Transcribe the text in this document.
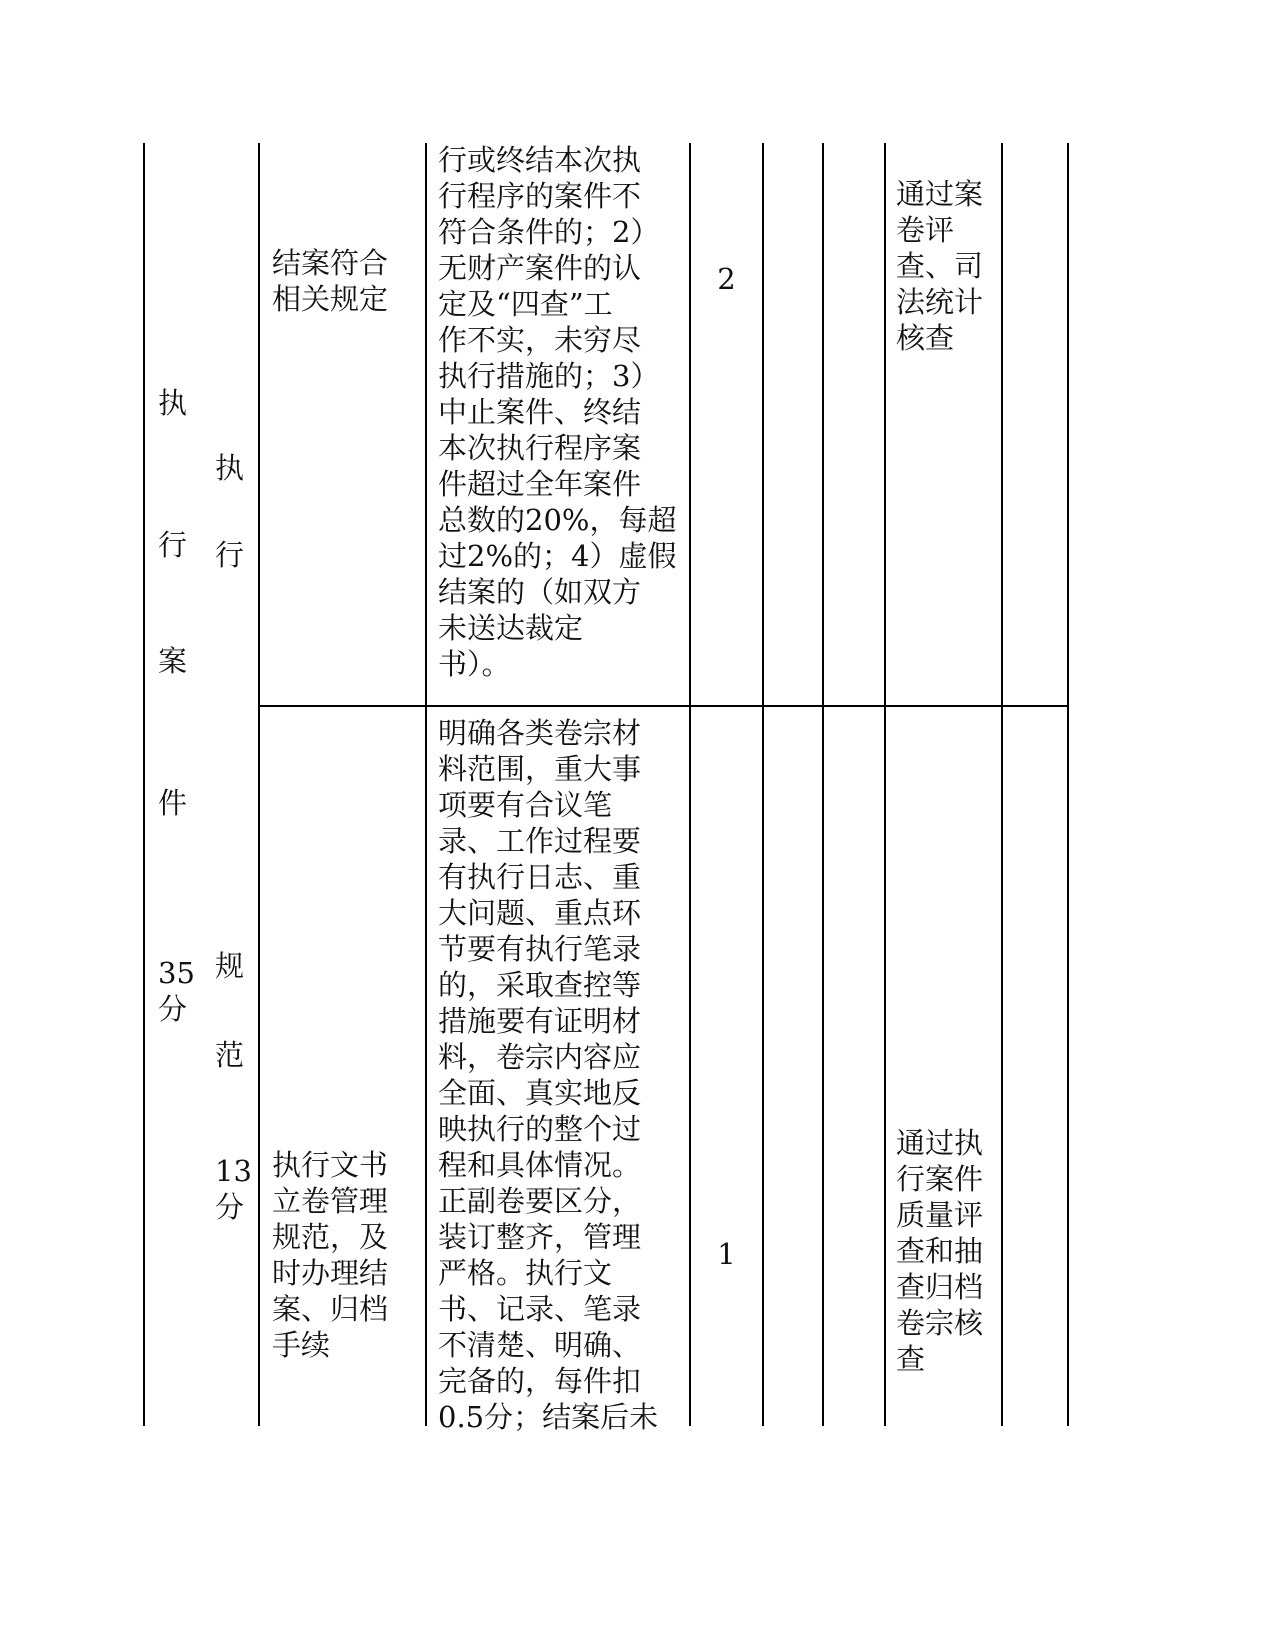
执
行
案
件
35
分
执
行
规
范
13
分
结案符合
相关规定
行或终结本次执
行程序的案件不
符合条件的；2）
无财产案件的认
定及“四查”工
作不实，未穷尽
执行措施的；3）
中止案件、终结
本次执行程序案
件超过全年案件
总数的20%，每超
过2%的；4）虚假
结案的（如双方
未送达裁定
书）。
2
通过案
卷评
查、司
法统计
核查
执行文书
立卷管理
规范，及
时办理结
案、归档
手续
明确各类卷宗材
料范围，重大事
项要有合议笔
录、工作过程要
有执行日志、重
大问题、重点环
节要有执行笔录
的，采取查控等
措施要有证明材
料，卷宗内容应
全面、真实地反
映执行的整个过
程和具体情况。
正副卷要区分，
装订整齐，管理
严格。执行文
书、记录、笔录
不清楚、明确、
完备的，每件扣
0.5分；结案后未
1
通过执
行案件
质量评
查和抽
查归档
卷宗核
查
